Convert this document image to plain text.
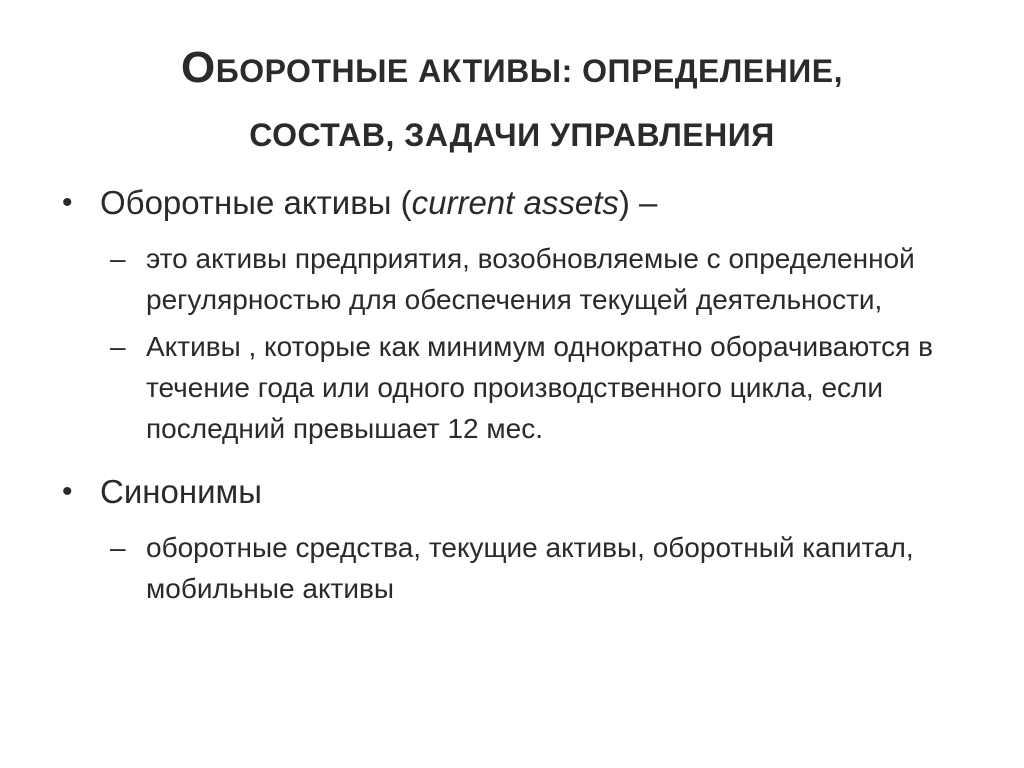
ОБОРОТНЫЕ АКТИВЫ: ОПРЕДЕЛЕНИЕ,
СОСТАВ, ЗАДАЧИ УПРАВЛЕНИЯ
• Оборотные активы (current assets) –
– это активы предприятия, возобновляемые с определенной регулярностью для обеспечения текущей деятельности,
– Активы , которые как минимум однократно оборачиваются в течение года или одного производственного цикла, если последний превышает 12 мес.
• Синонимы
– оборотные средства, текущие активы, оборотный капитал, мобильные активы
